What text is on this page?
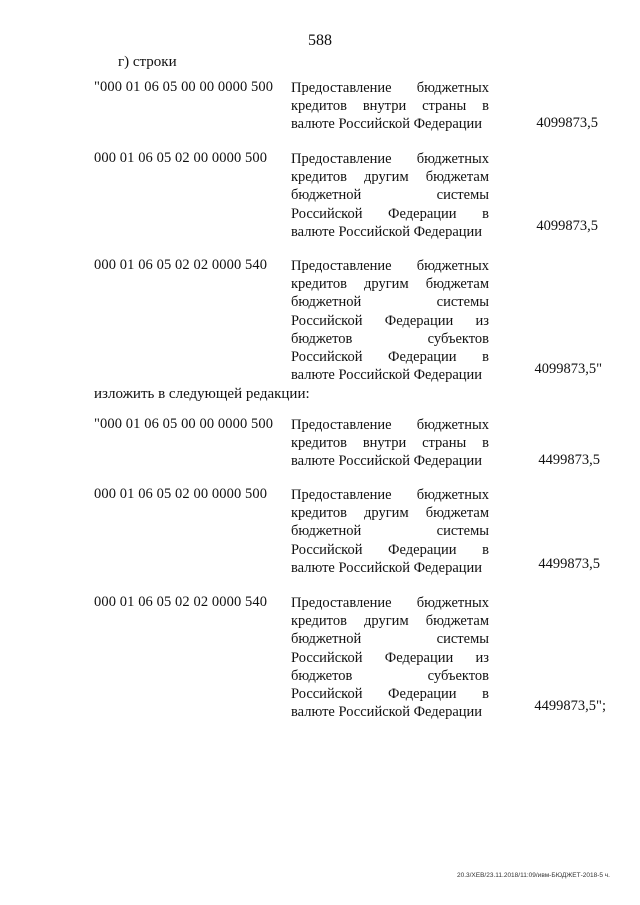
588
г) строки
"000 01 06 05 00 00 0000 500 Предоставление бюджетных кредитов внутри страны в валюте Российской Федерации	4099873,5
000 01 06 05 02 00 0000 500 Предоставление бюджетных кредитов другим бюджетам бюджетной системы Российской Федерации в валюте Российской Федерации	4099873,5
000 01 06 05 02 02 0000 540 Предоставление бюджетных кредитов другим бюджетам бюджетной системы Российской Федерации из бюджетов субъектов Российской Федерации в валюте Российской Федерации	4099873,5"
изложить в следующей редакции:
"000 01 06 05 00 00 0000 500 Предоставление бюджетных кредитов внутри страны в валюте Российской Федерации	4499873,5
000 01 06 05 02 00 0000 500 Предоставление бюджетных кредитов другим бюджетам бюджетной системы Российской Федерации в валюте Российской Федерации	4499873,5
000 01 06 05 02 02 0000 540 Предоставление бюджетных кредитов другим бюджетам бюджетной системы Российской Федерации из бюджетов субъектов Российской Федерации в валюте Российской Федерации	4499873,5";
20.3/ХЕВ/23.11.2018/11:09/ивм-БЮДЖЕТ-2018-5 ч.
